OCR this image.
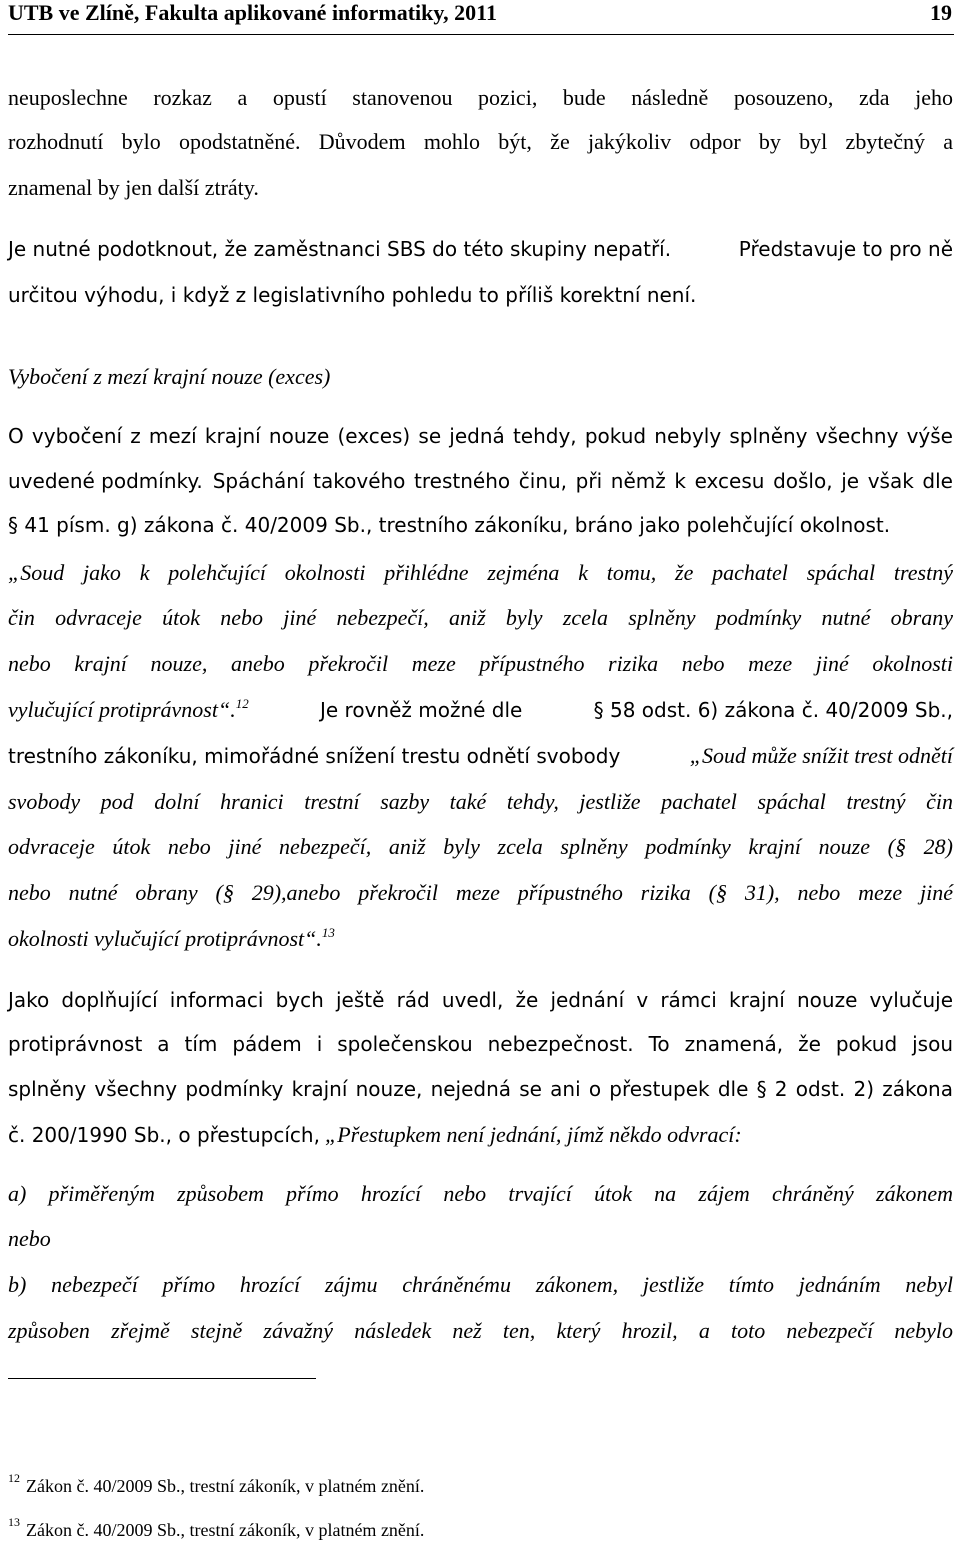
UTB ve Zlíně, Fakulta aplikované informatiky, 2011	19
neuposlechne rozkaz a opustí stanovenou pozici, bude následně posouzeno, zda jeho
rozhodnutí bylo opodstatněné. Důvodem mohlo být, že jakýkoliv odpor by byl zbytečný a
znamenal by jen další ztráty.
Je nutné podotknout, že zaměstnanci SBS do této skupiny nepatří.	Představuje to pro ně
určitou výhodu, i když z legislativního pohledu to příliš korektní není.
Vybočení z mezí krajní nouze (exces)
O vybočení z mezí krajní nouze (exces) se jedná tehdy, pokud nebyly splněny všechny výše
uvedené podmínky. Spáchání takového trestného činu, při němž k excesu došlo, je však dle
§ 41 písm. g) zákona č. 40/2009 Sb., trestního zákoníku, bráno jako polehčující okolnost.
„Soud jako k polehčující okolnosti přihlédne zejména k tomu, že pachatel spáchal trestný
čin odvraceje útok nebo jiné nebezpečí, aniž byly zcela splněny podmínky nutné obrany
nebo krajní nouze, anebo překročil meze přípustného rizika nebo meze jiné okolnosti
vylučující protiprávnost“.$^{12}$	Je rovněž možné dle	§ 58 odst. 6) zákona č. 40/2009 Sb.,
trestního zákoníku, mimořádné snížení trestu odnětí svobody	„Soud může snížit trest odnětí
svobody pod dolní hranici trestní sazby také tehdy, jestliže pachatel spáchal trestný čin
odvraceje útok nebo jiné nebezpečí, aniž byly zcela splněny podmínky krajní nouze (§ 28)
nebo nutné obrany (§ 29),anebo překročil meze přípustného rizika (§ 31), nebo meze jiné
okolnosti vylučující protiprávnost“.$^{13}$
Jako doplňující informaci bych ještě rád uvedl, že jednání v rámci krajní nouze vylučuje
protiprávnost a tím pádem i společenskou nebezpečnost. To znamená, že pokud jsou
splněny všechny podmínky krajní nouze, nejedná se ani o přestupek dle § 2 odst. 2) zákona
č. 200/1990 Sb., o přestupcích, „Přestupkem není jednání, jímž někdo odvrací:
a) přiměřeným způsobem přímo hrozící nebo trvající útok na zájem chráněný zákonem
nebo
b) nebezpečí přímo hrozící zájmu chráněnému zákonem, jestliže tímto jednáním nebyl
způsoben zřejmě stejně závažný následek než ten, který hrozil, a toto nebezpečí nebylo
$^{12}$ Zákon č. 40/2009 Sb., trestní zákoník, v platném znění.
$^{13}$ Zákon č. 40/2009 Sb., trestní zákoník, v platném znění.
